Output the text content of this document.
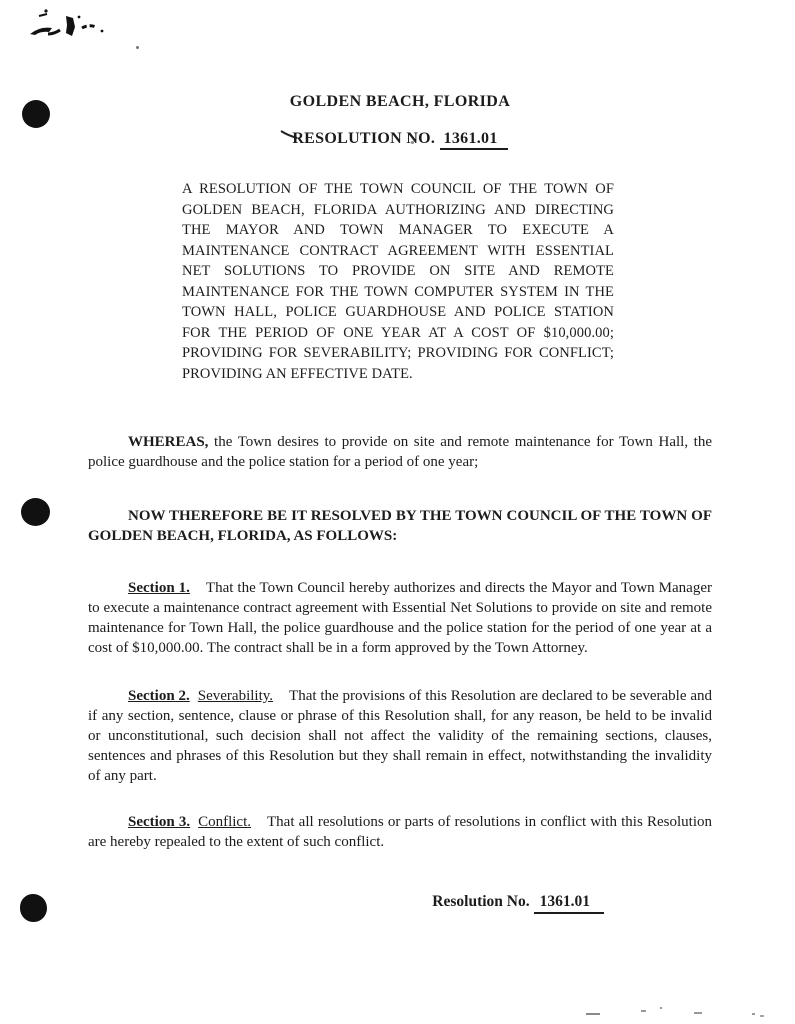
GOLDEN BEACH, FLORIDA
RESOLUTION NO. 1361.01

A RESOLUTION OF THE TOWN COUNCIL OF THE TOWN OF GOLDEN BEACH, FLORIDA AUTHORIZING AND DIRECTING THE MAYOR AND TOWN MANAGER TO EXECUTE A MAINTENANCE CONTRACT AGREEMENT WITH ESSENTIAL NET SOLUTIONS TO PROVIDE ON SITE AND REMOTE MAINTENANCE FOR THE TOWN COMPUTER SYSTEM IN THE TOWN HALL, POLICE GUARDHOUSE AND POLICE STATION FOR THE PERIOD OF ONE YEAR AT A COST OF $10,000.00; PROVIDING FOR SEVERABILITY; PROVIDING FOR CONFLICT; PROVIDING AN EFFECTIVE DATE.

WHEREAS, the Town desires to provide on site and remote maintenance for Town Hall, the police guardhouse and the police station for a period of one year;

NOW THEREFORE BE IT RESOLVED BY THE TOWN COUNCIL OF THE TOWN OF GOLDEN BEACH, FLORIDA, AS FOLLOWS:

Section 1. That the Town Council hereby authorizes and directs the Mayor and Town Manager to execute a maintenance contract agreement with Essential Net Solutions to provide on site and remote maintenance for Town Hall, the police guardhouse and the police station for the period of one year at a cost of $10,000.00. The contract shall be in a form approved by the Town Attorney.

Section 2. Severability. That the provisions of this Resolution are declared to be severable and if any section, sentence, clause or phrase of this Resolution shall, for any reason, be held to be invalid or unconstitutional, such decision shall not affect the validity of the remaining sections, clauses, sentences and phrases of this Resolution but they shall remain in effect, notwithstanding the invalidity of any part.

Section 3. Conflict. That all resolutions or parts of resolutions in conflict with this Resolution are hereby repealed to the extent of such conflict.

Resolution No. 1361.01
